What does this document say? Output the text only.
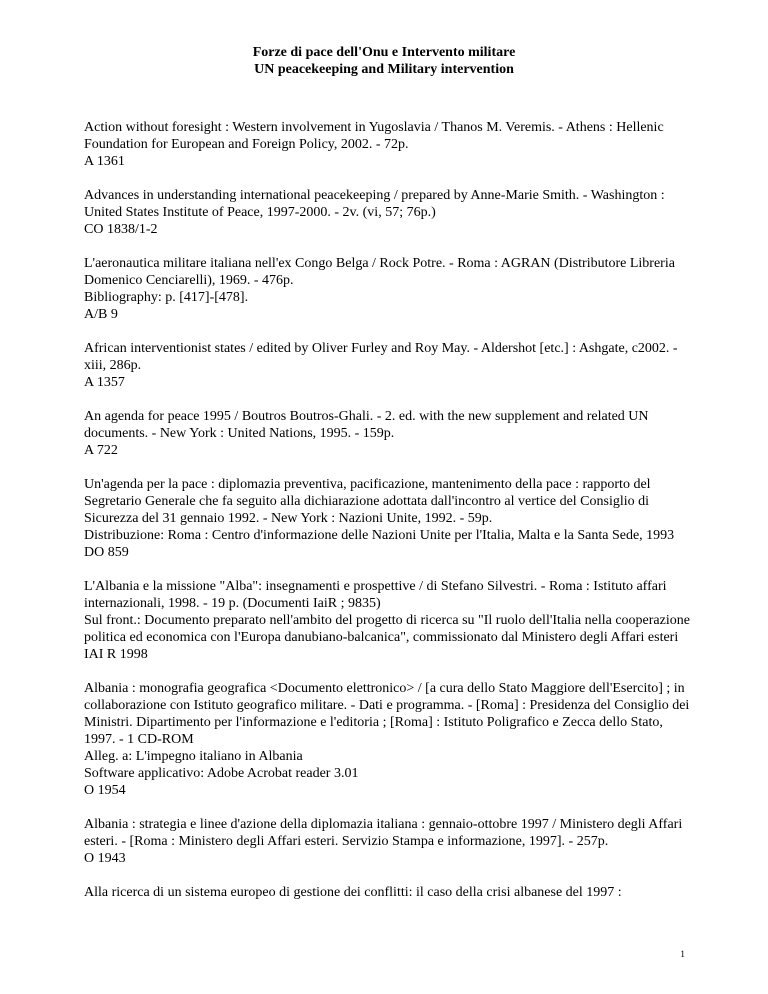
Forze di pace dell'Onu e Intervento militare
UN peacekeeping and Military intervention
Action without foresight : Western involvement in Yugoslavia / Thanos M. Veremis. - Athens : Hellenic Foundation for European and Foreign Policy, 2002. - 72p.
A 1361
Advances in understanding international peacekeeping / prepared by Anne-Marie Smith. - Washington : United States Institute of Peace, 1997-2000. - 2v. (vi, 57; 76p.)
CO 1838/1-2
L'aeronautica militare italiana nell'ex Congo Belga / Rock Potre. - Roma : AGRAN (Distributore Libreria Domenico Cenciarelli), 1969. - 476p.
Bibliography: p. [417]-[478].
A/B 9
African interventionist states / edited by Oliver Furley and Roy May. - Aldershot [etc.] : Ashgate, c2002. - xiii, 286p.
A 1357
An agenda for peace 1995 / Boutros Boutros-Ghali. - 2. ed. with the new supplement and related UN documents. - New York : United Nations, 1995. - 159p.
A 722
Un'agenda per la pace : diplomazia preventiva, pacificazione, mantenimento della pace : rapporto del Segretario Generale che fa seguito alla dichiarazione adottata dall'incontro al vertice del Consiglio di Sicurezza del 31 gennaio 1992. - New York : Nazioni Unite, 1992. - 59p.
Distribuzione: Roma : Centro d'informazione delle Nazioni Unite per l'Italia, Malta e la Santa Sede, 1993
DO 859
L'Albania e la missione "Alba": insegnamenti e prospettive / di Stefano Silvestri. - Roma : Istituto affari internazionali, 1998. - 19 p. (Documenti IaiR ; 9835)
Sul front.: Documento preparato nell'ambito del progetto di ricerca su "Il ruolo dell'Italia nella cooperazione politica ed economica con l'Europa danubiano-balcanica", commissionato dal Ministero degli Affari esteri
IAI R 1998
Albania : monografia geografica <Documento elettronico> / [a cura dello Stato Maggiore dell'Esercito] ; in collaborazione con Istituto geografico militare. - Dati e programma. - [Roma] : Presidenza del Consiglio dei Ministri. Dipartimento per l'informazione e l'editoria ; [Roma] : Istituto Poligrafico e Zecca dello Stato, 1997. - 1 CD-ROM
Alleg. a: L'impegno italiano in Albania
Software applicativo: Adobe Acrobat reader 3.01
O 1954
Albania : strategia e linee d'azione della diplomazia italiana : gennaio-ottobre 1997 / Ministero degli Affari esteri. - [Roma : Ministero degli Affari esteri. Servizio Stampa e informazione, 1997]. - 257p.
O 1943
Alla ricerca di un sistema europeo di gestione dei conflitti: il caso della crisi albanese del 1997 :
1
